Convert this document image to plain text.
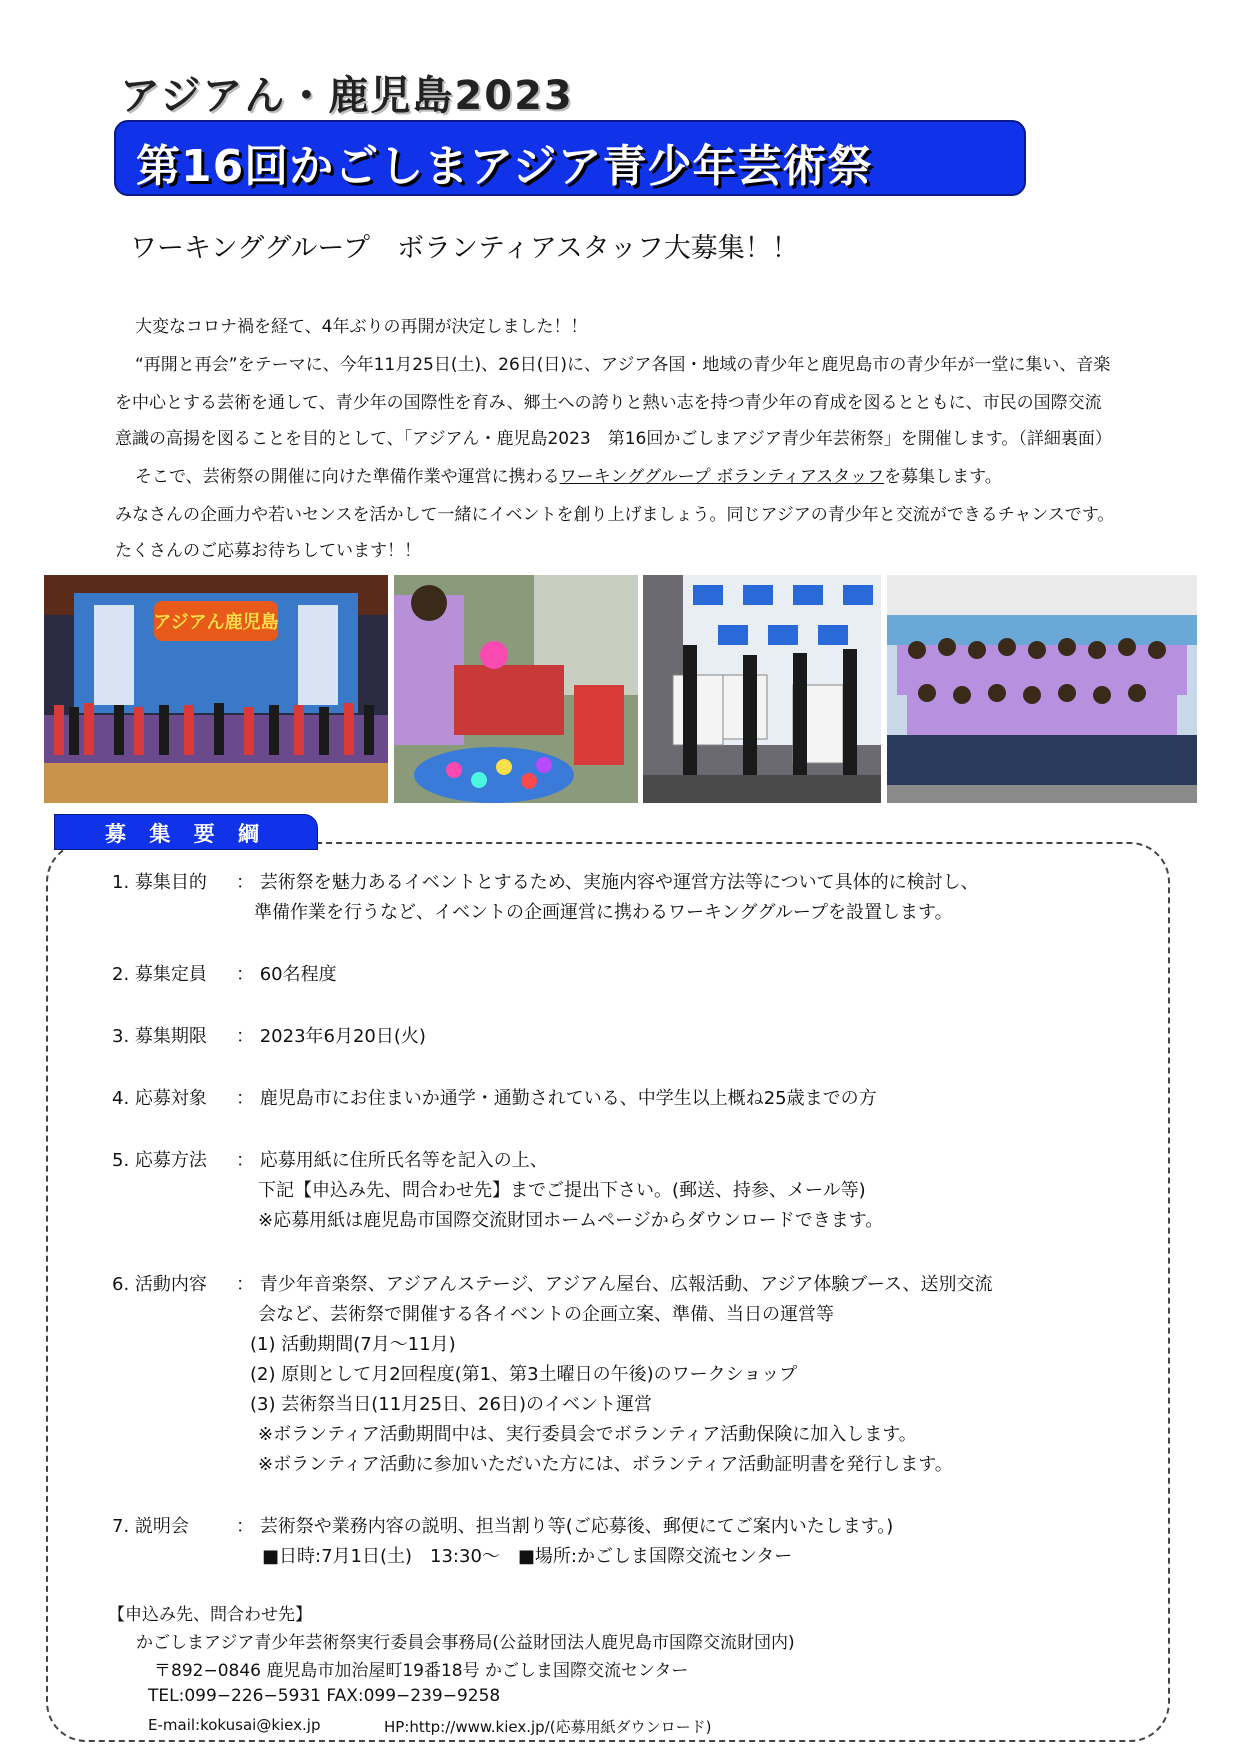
アジアん・鹿児島2023
第16回かごしまアジア青少年芸術祭
ワーキンググループ　ボランティアスタッフ大募集！！
大変なコロナ禍を経て、4年ぶりの再開が決定しました！！
“再開と再会”をテーマに、今年11月25日(土)、26日(日)に、アジア各国・地域の青少年と鹿児島市の青少年が一堂に集い、音楽
を中心とする芸術を通して、青少年の国際性を育み、郷土への誇りと熱い志を持つ青少年の育成を図るとともに、市民の国際交流
意識の高揚を図ることを目的として、「アジアん・鹿児島2023　第16回かごしまアジア青少年芸術祭」を開催します。（詳細裏面）
そこで、芸術祭の開催に向けた準備作業や運営に携わるワーキンググループ ボランティアスタッフを募集します。
みなさんの企画力や若いセンスを活かして一緒にイベントを創り上げましょう。同じアジアの青少年と交流ができるチャンスです。
たくさんのご応募お待ちしています！！
アジアん鹿児島
募 集 要 綱
1. 募集目的 ： 芸術祭を魅力あるイベントとするため、実施内容や運営方法等について具体的に検討し、
準備作業を行うなど、イベントの企画運営に携わるワーキンググループを設置します。
2. 募集定員 ： 60名程度
3. 募集期限 ： 2023年6月20日(火)
4. 応募対象 ： 鹿児島市にお住まいか通学・通勤されている、中学生以上概ね25歳までの方
5. 応募方法 ： 応募用紙に住所氏名等を記入の上、
下記【申込み先、問合わせ先】までご提出下さい。(郵送、持参、メール等)
※応募用紙は鹿児島市国際交流財団ホームページからダウンロードできます。
6. 活動内容 ： 青少年音楽祭、アジアんステージ、アジアん屋台、広報活動、アジア体験ブース、送別交流
会など、芸術祭で開催する各イベントの企画立案、準備、当日の運営等
(1) 活動期間(7月～11月)
(2) 原則として月2回程度(第1、第3土曜日の午後)のワークショップ
(3) 芸術祭当日(11月25日、26日)のイベント運営
※ボランティア活動期間中は、実行委員会でボランティア活動保険に加入します。
※ボランティア活動に参加いただいた方には、ボランティア活動証明書を発行します。
7. 説明会	： 芸術祭や業務内容の説明、担当割り等(ご応募後、郵便にてご案内いたします。)
■日時:7月1日(土)　13:30～　■場所:かごしま国際交流センター
【申込み先、問合わせ先】
かごしまアジア青少年芸術祭実行委員会事務局(公益財団法人鹿児島市国際交流財団内)
〒892−0846 鹿児島市加治屋町19番18号 かごしま国際交流センター
TEL:099−226−5931 FAX:099−239−9258
E-mail:kokusai@kiex.jp	HP:http://www.kiex.jp/(応募用紙ダウンロード)
